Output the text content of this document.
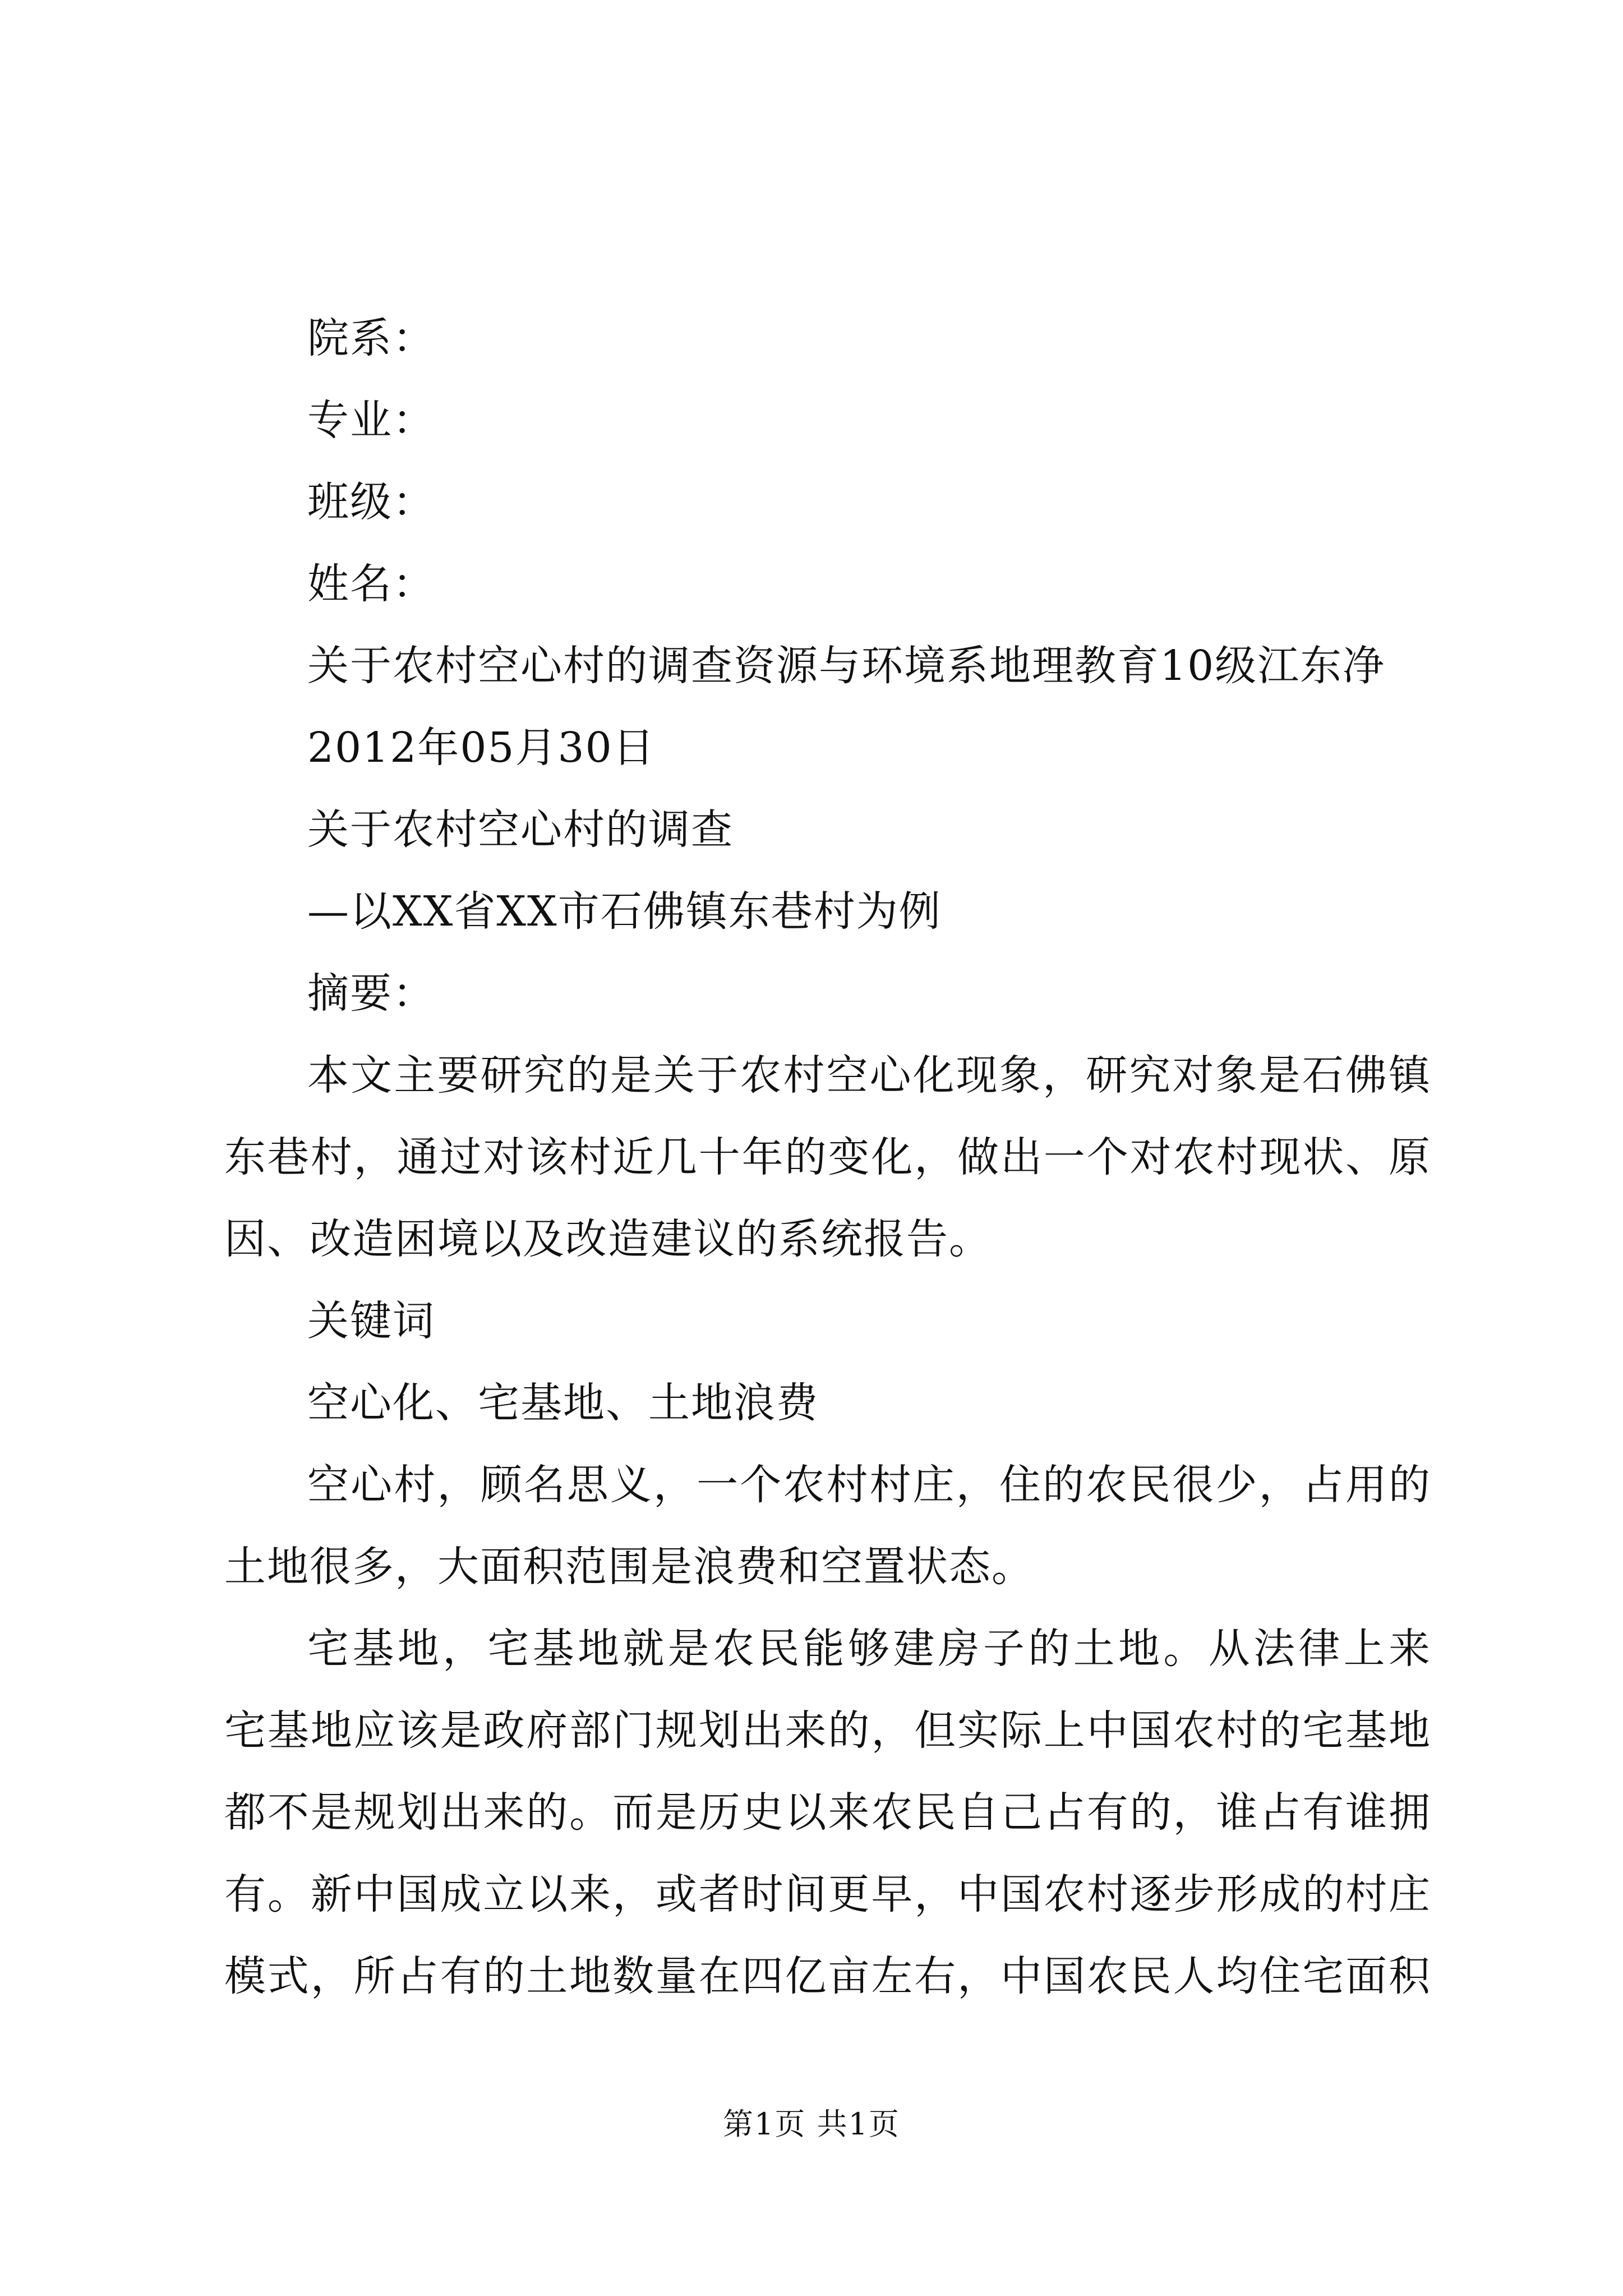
院系：

专业：

班级：

姓名：

关于农村空心村的调查资源与环境系地理教育10级江东净

2012年05月30日

关于农村空心村的调查

—以XX省XX市石佛镇东巷村为例

摘要：

本文主要研究的是关于农村空心化现象，研究对象是石佛镇

东巷村，通过对该村近几十年的变化，做出一个对农村现状、原

因、改造困境以及改造建议的系统报告。

关键词

空心化、宅基地、土地浪费

空心村，顾名思义，一个农村村庄，住的农民很少，占用的

土地很多，大面积范围是浪费和空置状态。

宅基地，宅基地就是农民能够建房子的土地。从法律上来

宅基地应该是政府部门规划出来的，但实际上中国农村的宅基地

都不是规划出来的。而是历史以来农民自己占有的，谁占有谁拥

有。新中国成立以来，或者时间更早，中国农村逐步形成的村庄

模式，所占有的土地数量在四亿亩左右，中国农民人均住宅面积

第1页 共1页
